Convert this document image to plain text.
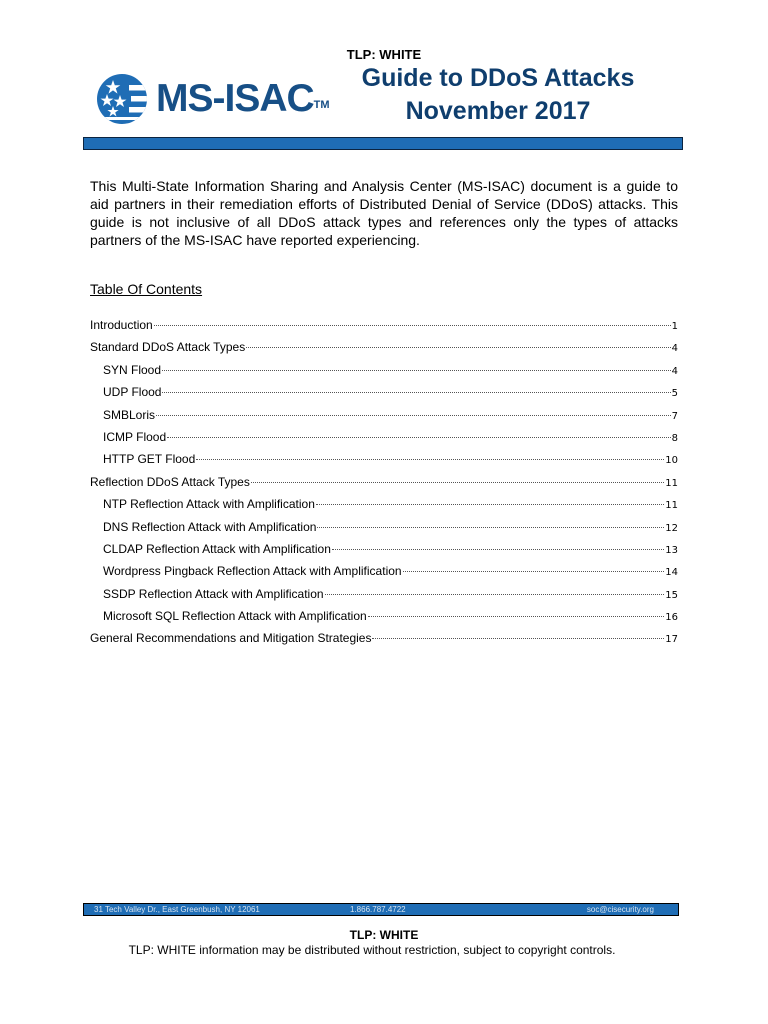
TLP: WHITE
MS-ISAC™
Guide to DDoS Attacks
November 2017
This Multi-State Information Sharing and Analysis Center (MS-ISAC) document is a guide to aid partners in their remediation efforts of Distributed Denial of Service (DDoS) attacks. This guide is not inclusive of all DDoS attack types and references only the types of attacks partners of the MS-ISAC have reported experiencing.
Table Of Contents
Introduction	1
Standard DDoS Attack Types	4
SYN Flood	4
UDP Flood	5
SMBLoris	7
ICMP Flood	8
HTTP GET Flood	10
Reflection DDoS Attack Types	11
NTP Reflection Attack with Amplification	11
DNS Reflection Attack with Amplification	12
CLDAP Reflection Attack with Amplification	13
Wordpress Pingback Reflection Attack with Amplification	14
SSDP Reflection Attack with Amplification	15
Microsoft SQL Reflection Attack with Amplification	16
General Recommendations and Mitigation Strategies	17
31 Tech Valley Dr., East Greenbush, NY 12061	1.866.787.4722	soc@cisecurity.org
TLP: WHITE
TLP: WHITE information may be distributed without restriction, subject to copyright controls.
